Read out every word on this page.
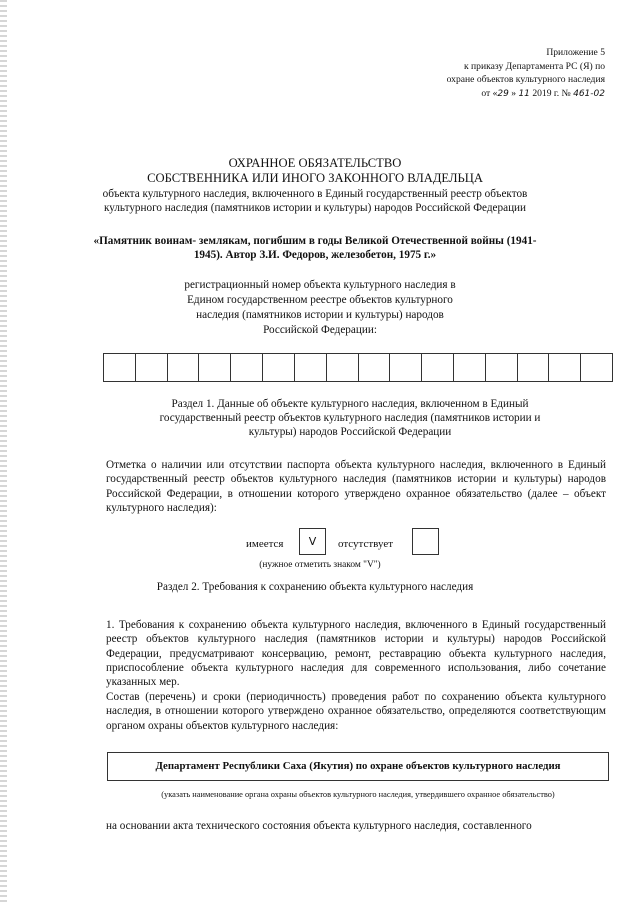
Приложение 5
к приказу Департамента РС (Я) по
охране объектов культурного наследия
от «29 » 11 2019 г. № 461-02
ОХРАННОЕ ОБЯЗАТЕЛЬСТВО
СОБСТВЕННИКА ИЛИ ИНОГО ЗАКОННОГО ВЛАДЕЛЬЦА
объекта культурного наследия, включенного в Единый государственный реестр объектов культурного наследия (памятников истории и культуры) народов Российской Федерации
«Памятник воинам- землякам, погибшим в годы Великой Отечественной войны (1941-1945). Автор З.И. Федоров, железобетон, 1975 г.»
регистрационный номер объекта культурного наследия в Едином государственном реестре объектов культурного наследия (памятников истории и культуры) народов Российской Федерации:
Раздел 1. Данные об объекте культурного наследия, включенном в Единый государственный реестр объектов культурного наследия (памятников истории и культуры) народов Российской Федерации
Отметка о наличии или отсутствии паспорта объекта культурного наследия, включенного в Единый государственный реестр объектов культурного наследия (памятников истории и культуры) народов Российской Федерации, в отношении которого утверждено охранное обязательство (далее – объект культурного наследия):
имеется	V	отсутствует
(нужное отметить знаком "V")
Раздел 2. Требования к сохранению объекта культурного наследия
1. Требования к сохранению объекта культурного наследия, включенного в Единый государственный реестр объектов культурного наследия (памятников истории и культуры) народов Российской Федерации, предусматривают консервацию, ремонт, реставрацию объекта культурного наследия, приспособление объекта культурного наследия для современного использования, либо сочетание указанных мер.
Состав (перечень) и сроки (периодичность) проведения работ по сохранению объекта культурного наследия, в отношении которого утверждено охранное обязательство, определяются соответствующим органом охраны объектов культурного наследия:
Департамент Республики Саха (Якутия) по охране объектов культурного наследия
(указать наименование органа охраны объектов культурного наследия, утвердившего охранное обязательство)
на основании акта технического состояния объекта культурного наследия, составленного
